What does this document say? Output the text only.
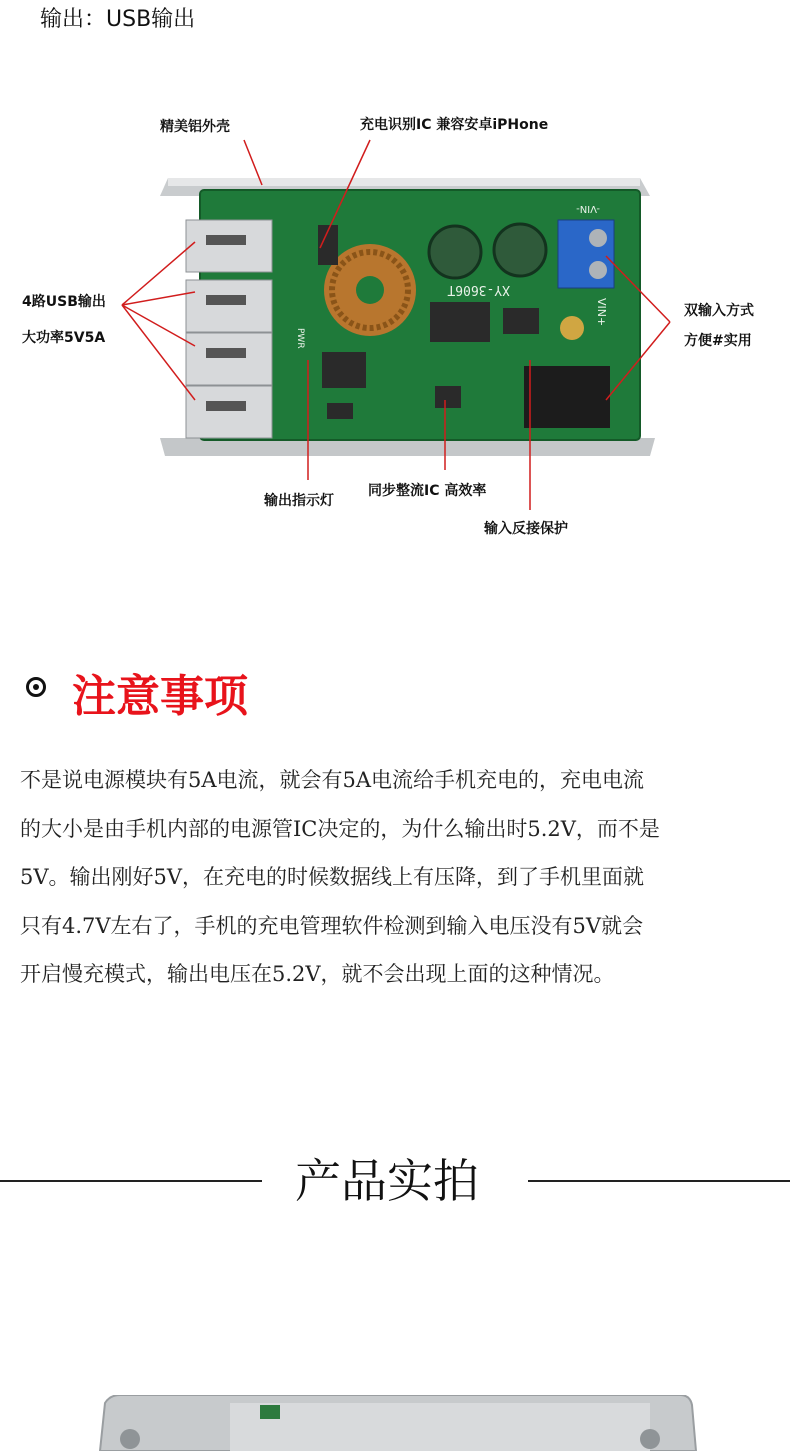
输出：USB输出
XY-3606T
VIN+
-VIN-
PWR
精美铝外壳	充电识别IC 兼容安卓iPHone
4路USB输出
大功率5V5A
双输入方式
方便#实用
输出指示灯
同步整流IC 高效率
输入反接保护
注意事项
不是说电源模块有5A电流，就会有5A电流给手机充电的，充电电流
的大小是由手机内部的电源管IC决定的，为什么输出时5.2V，而不是
5V。输出刚好5V，在充电的时候数据线上有压降，到了手机里面就
只有4.7V左右了，手机的充电管理软件检测到输入电压没有5V就会
开启慢充模式，输出电压在5.2V，就不会出现上面的这种情况。
产品实拍
